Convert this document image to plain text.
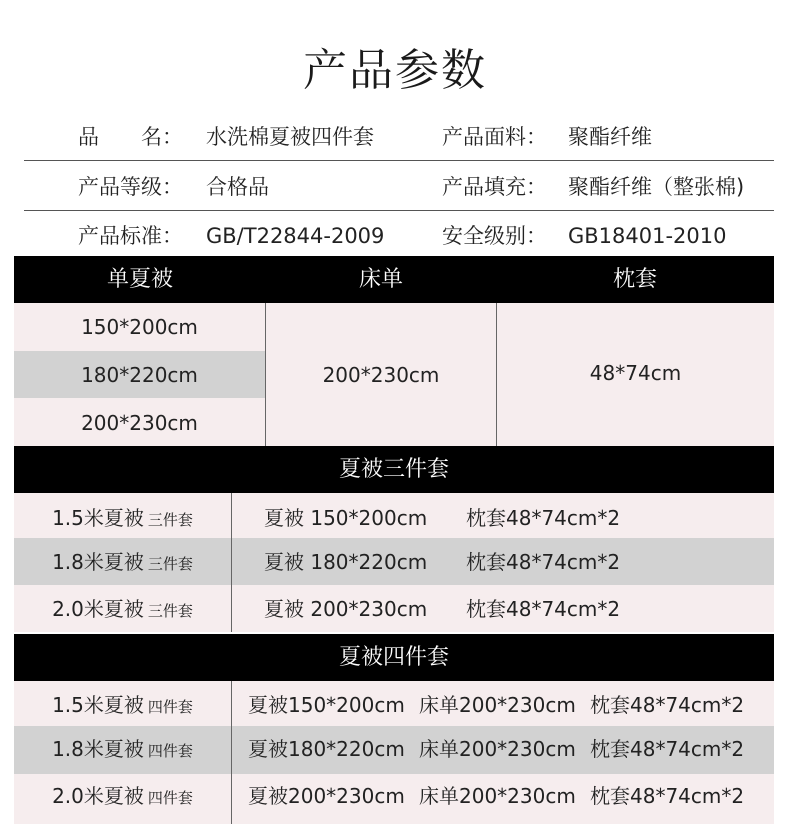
产品参数
品　　名： 水洗棉夏被四件套	产品面料： 聚酯纤维
产品等级： 合格品	产品填充： 聚酯纤维（整张棉)
产品标准： GB/T22844-2009	安全级别： GB18401-2010
单夏被	床单	枕套
150*200cm
180*220cm
200*230cm
200*230cm	48*74cm
夏被三件套
1.5米夏被 三件套	夏被 150*200cm 枕套48*74cm*2
1.8米夏被 三件套	夏被 180*220cm 枕套48*74cm*2
2.0米夏被 三件套	夏被 200*230cm 枕套48*74cm*2
夏被四件套
1.5米夏被 四件套	夏被150*200cm 床单200*230cm 枕套48*74cm*2
1.8米夏被 四件套	夏被180*220cm 床单200*230cm 枕套48*74cm*2
2.0米夏被 四件套	夏被200*230cm 床单200*230cm 枕套48*74cm*2
